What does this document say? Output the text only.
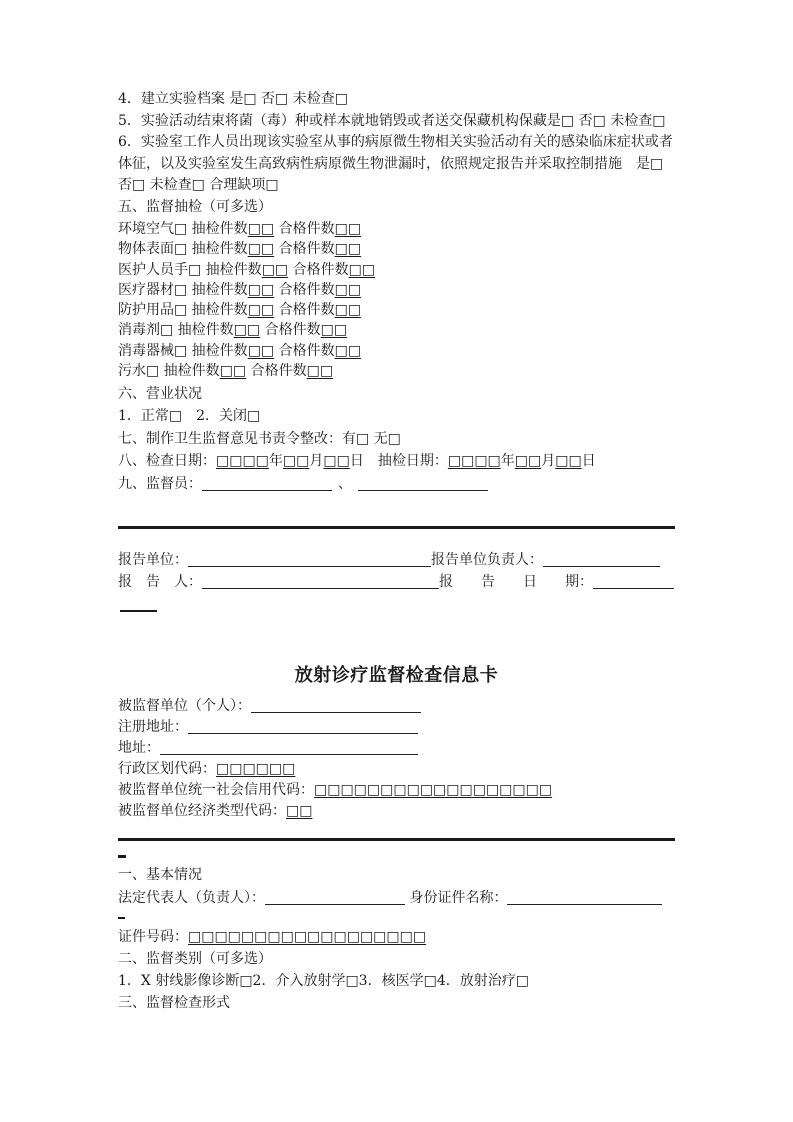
4．建立实验档案 是□ 否□ 未检查□
5．实验活动结束将菌（毒）种或样本就地销毁或者送交保藏机构保藏是□ 否□ 未检查□
6．实验室工作人员出现该实验室从事的病原微生物相关实验活动有关的感染临床症状或者
体征，以及实验室发生高致病性病原微生物泄漏时，依照规定报告并采取控制措施　是□
否□ 未检查□ 合理缺项□
五、监督抽检（可多选）
环境空气□ 抽检件数□□ 合格件数□□
物体表面□ 抽检件数□□ 合格件数□□
医护人员手□ 抽检件数□□ 合格件数□□
医疗器材□ 抽检件数□□ 合格件数□□
防护用品□ 抽检件数□□ 合格件数□□
消毒剂□ 抽检件数□□ 合格件数□□
消毒器械□ 抽检件数□□ 合格件数□□
污水□ 抽检件数□□ 合格件数□□
六、营业状况
1．正常□　2．关闭□
七、制作卫生监督意见书责令整改：有□ 无□
八、检查日期：□□□□年□□月□□日　抽检日期：□□□□年□□月□□日
九、监督员：	、
报告单位：	报告单位负责人：
报　告　人：	报　　告　　日　　期：
放射诊疗监督检查信息卡
被监督单位（个人）：
注册地址：
地址：
行政区划代码：□□□□□□
被监督单位统一社会信用代码：□□□□□□□□□□□□□□□□□□
被监督单位经济类型代码：□□
一、基本情况
法定代表人（负责人）：	身份证件名称：
证件号码：□□□□□□□□□□□□□□□□□□
二、监督类别（可多选）
1．X 射线影像诊断□2．介入放射学□3．核医学□4．放射治疗□
三、监督检查形式
